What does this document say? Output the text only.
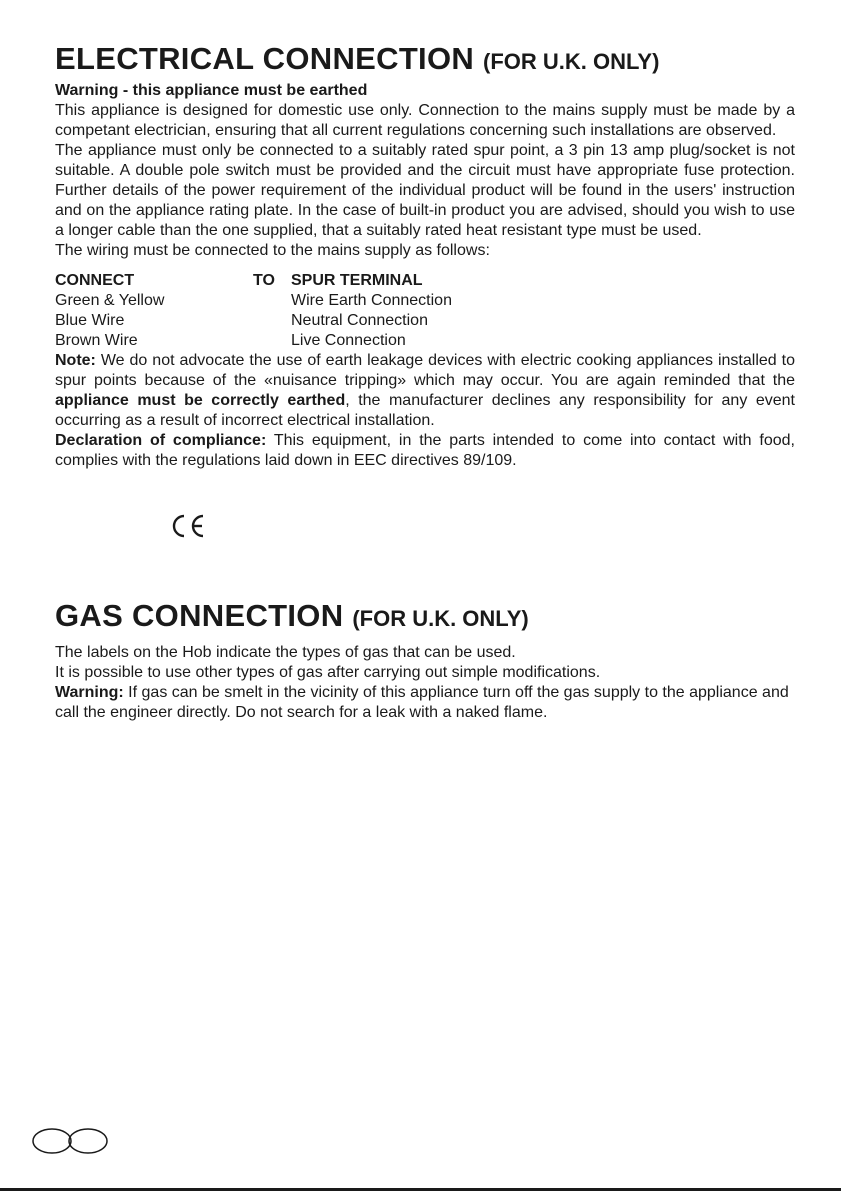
ELECTRICAL CONNECTION (FOR U.K. ONLY)
Warning - this appliance must be earthed

This appliance is designed for domestic use only. Connection to the mains supply must be made by a competant electrician, ensuring that all current regulations concerning such installations are observed.

The appliance must only be connected to a suitably rated spur point, a 3 pin 13 amp plug/socket is not suitable. A double pole switch must be provided and the circuit must have appropriate fuse protection. Further details of the power requirement of the individual product will be found in the users' instruction and on the appliance rating plate. In the case of built-in product you are advised, should you wish to use a longer cable than the one supplied, that a suitably rated heat resistant type must be used.

The wiring must be connected to the mains supply as follows:

CONNECT	TO	SPUR TERMINAL
Green & Yellow	Wire Earth Connection
Blue Wire	Neutral Connection
Brown Wire	Live Connection

Note: We do not advocate the use of earth leakage devices with electric cooking appliances installed to spur points because of the «nuisance tripping» which may occur. You are again reminded that the appliance must be correctly earthed, the manufacturer declines any responsibility for any event occurring as a result of incorrect electrical installation.

Declaration of compliance: This equipment, in the parts intended to come into contact with food, complies with the regulations laid down in EEC directives 89/109.

GAS CONNECTION (FOR U.K. ONLY)

The labels on the Hob indicate the types of gas that can be used.

It is possible to use other types of gas after carrying out simple modifications.

Warning: If gas can be smelt in the vicinity of this appliance turn off the gas supply to the appliance and call the engineer directly. Do not search for a leak with a naked flame.
